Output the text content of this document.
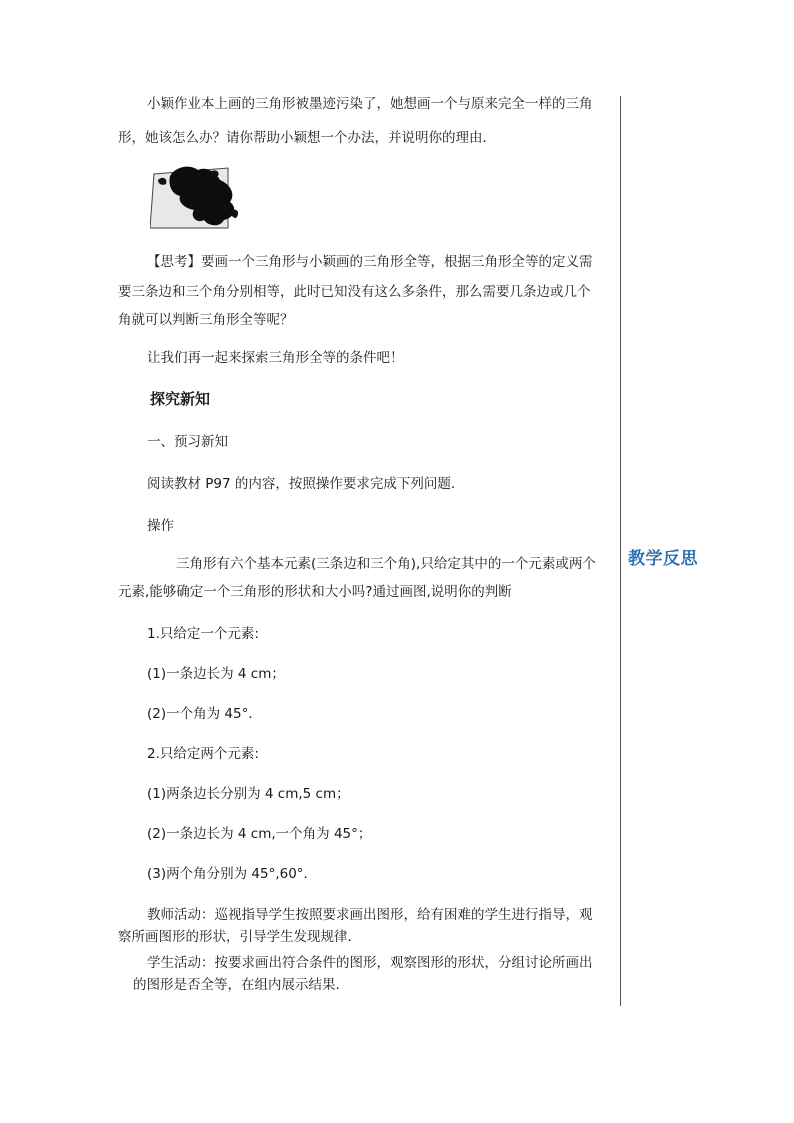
教学反思
小颖作业本上画的三角形被墨迹污染了，她想画一个与原来完全一样的三角
形，她该怎么办？请你帮助小颖想一个办法，并说明你的理由．
【思考】要画一个三角形与小颖画的三角形全等，根据三角形全等的定义需
要三条边和三个角分别相等，此时已知没有这么多条件，那么需要几条边或几个
角就可以判断三角形全等呢？
让我们再一起来探索三角形全等的条件吧！
探究新知
一、预习新知
阅读教材 P97 的内容，按照操作要求完成下列问题.
操作
三角形有六个基本元素(三条边和三个角),只给定其中的一个元素或两个
元素,能够确定一个三角形的形状和大小吗?通过画图,说明你的判断
1.只给定一个元素:
(1)一条边长为 4 cm；
(2)一个角为 45°．
2.只给定两个元素:
(1)两条边长分别为 4 cm,5 cm；
(2)一条边长为 4 cm,一个角为 45°；
(3)两个角分别为 45°,60°．
教师活动：巡视指导学生按照要求画出图形，给有困难的学生进行指导，观
察所画图形的形状，引导学生发现规律．
学生活动：按要求画出符合条件的图形，观察图形的形状，分组讨论所画出
的图形是否全等，在组内展示结果.
